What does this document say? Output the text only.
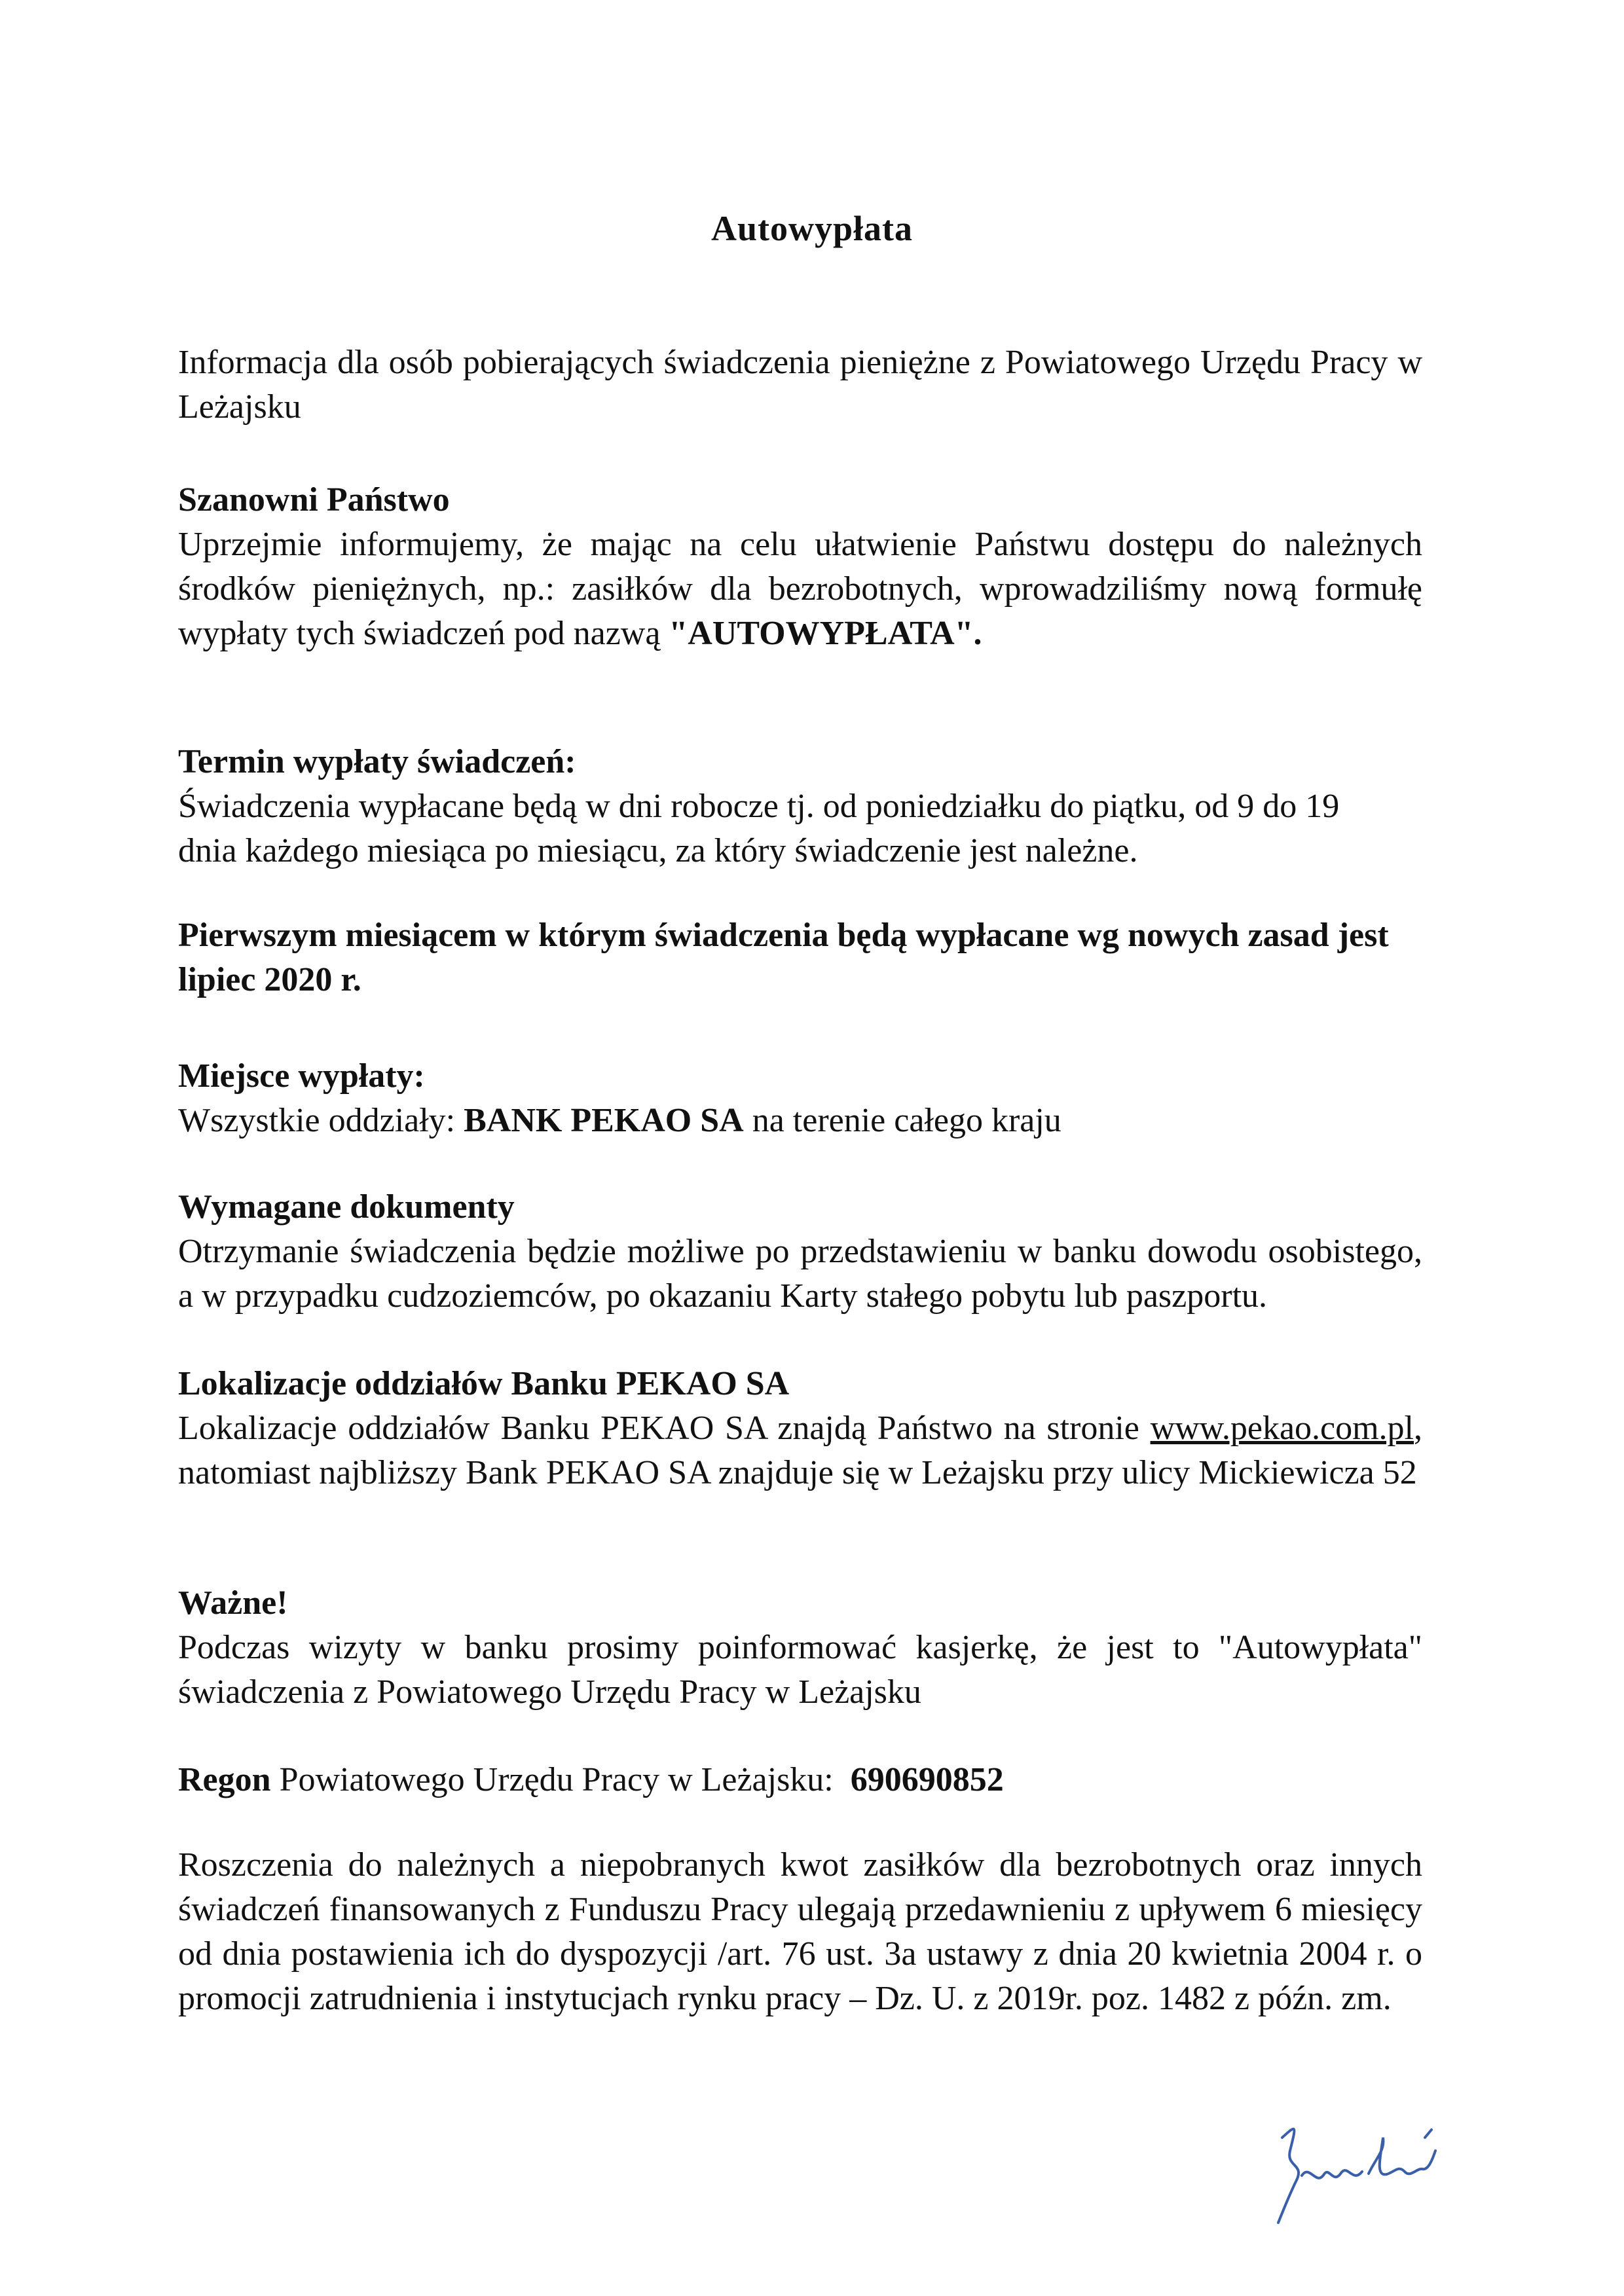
Autowypłata

Informacja dla osób pobierających świadczenia pieniężne z Powiatowego Urzędu Pracy w Leżajsku

Szanowni Państwo

Uprzejmie informujemy, że mając na celu ułatwienie Państwu dostępu do należnych środków pieniężnych, np.: zasiłków dla bezrobotnych, wprowadziliśmy nową formułę wypłaty tych świadczeń pod nazwą "AUTOWYPŁATA".

Termin wypłaty świadczeń:

Świadczenia wypłacane będą w dni robocze tj. od poniedziałku do piątku, od 9 do 19 dnia każdego miesiąca po miesiącu, za który świadczenie jest należne.

Pierwszym miesiącem w którym świadczenia będą wypłacane wg nowych zasad jest lipiec 2020 r.

Miejsce wypłaty:

Wszystkie oddziały: BANK PEKAO SA na terenie całego kraju

Wymagane dokumenty

Otrzymanie świadczenia będzie możliwe po przedstawieniu w banku dowodu osobistego, a w przypadku cudzoziemców, po okazaniu Karty stałego pobytu lub paszportu.

Lokalizacje oddziałów Banku PEKAO SA

Lokalizacje oddziałów Banku PEKAO SA znajdą Państwo na stronie www.pekao.com.pl, natomiast najbliższy Bank PEKAO SA znajduje się w Leżajsku przy ulicy Mickiewicza 52

Ważne!

Podczas wizyty w banku prosimy poinformować kasjerkę, że jest to "Autowypłata" świadczenia z Powiatowego Urzędu Pracy w Leżajsku

Regon Powiatowego Urzędu Pracy w Leżajsku:  690690852

Roszczenia do należnych a niepobranych kwot zasiłków dla bezrobotnych oraz innych świadczeń finansowanych z Funduszu Pracy ulegają przedawnieniu z upływem 6 miesięcy od dnia postawienia ich do dyspozycji /art. 76 ust. 3a ustawy z dnia 20 kwietnia 2004 r. o promocji zatrudnienia i instytucjach rynku pracy – Dz. U. z 2019r. poz. 1482 z późn. zm.
